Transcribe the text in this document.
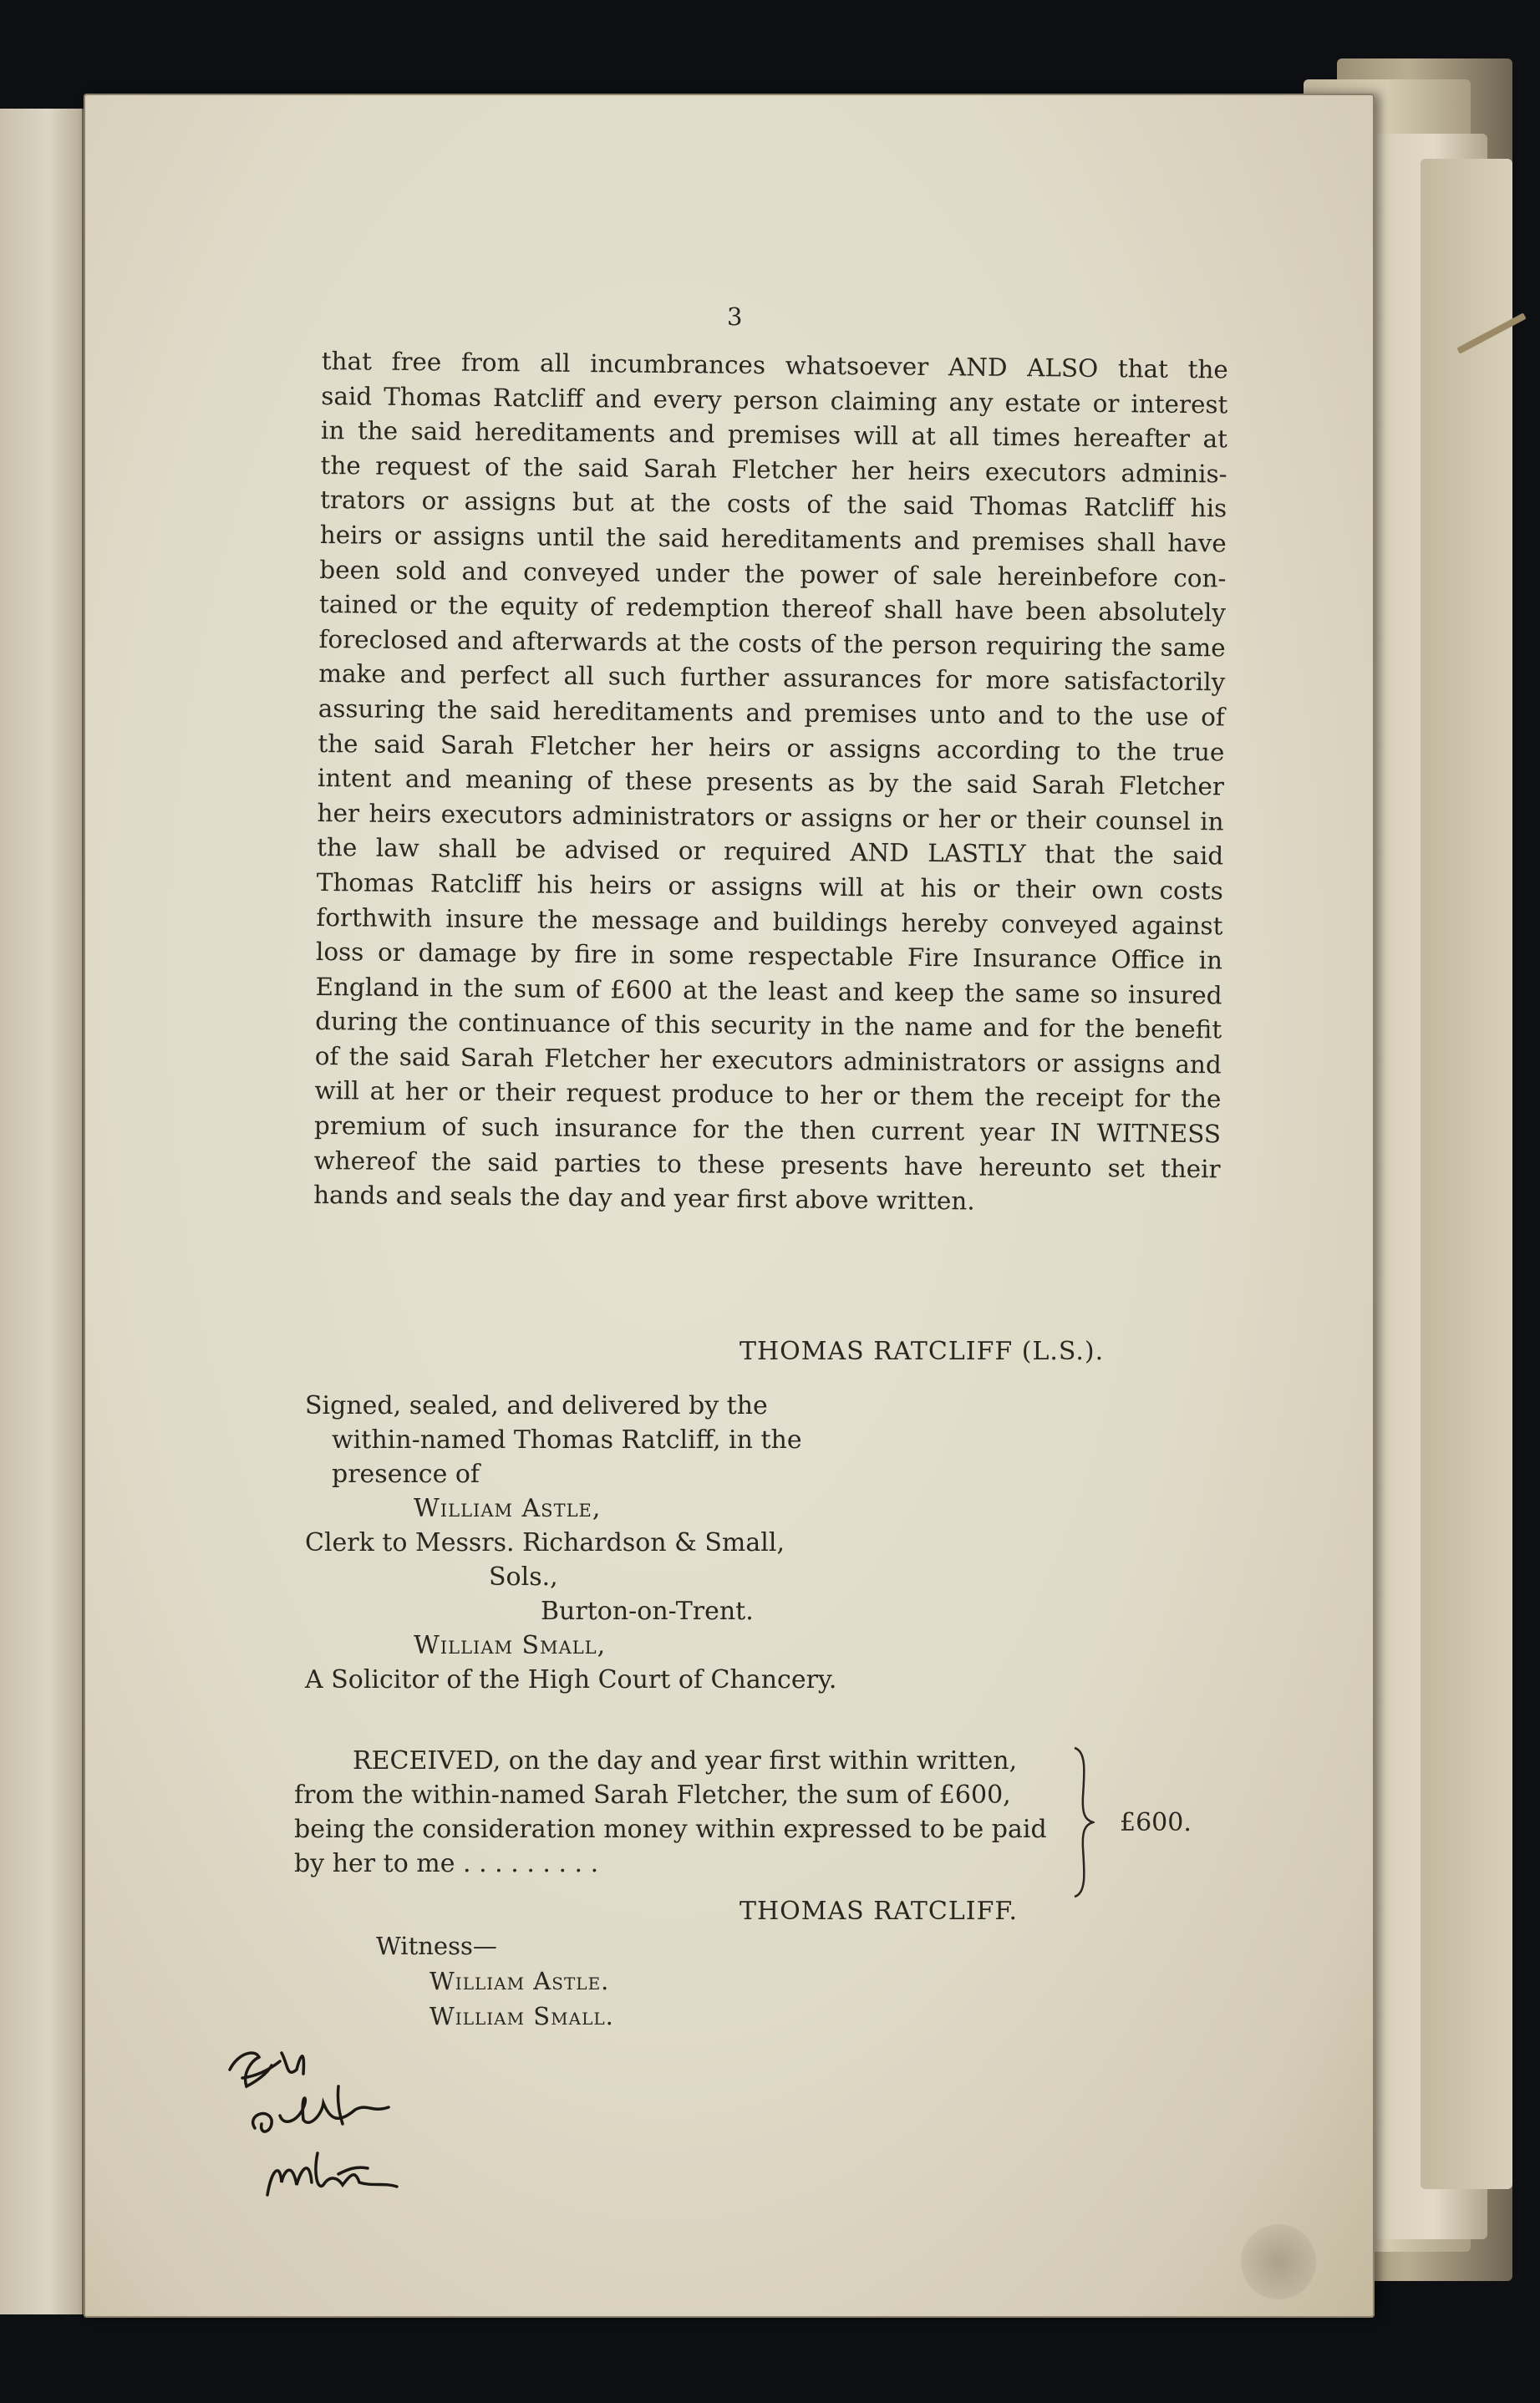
3
that free from all incumbrances whatsoever AND ALSO that the
said Thomas Ratcliff and every person claiming any estate or interest
in the said hereditaments and premises will at all times hereafter at
the request of the said Sarah Fletcher her heirs executors adminis-
trators or assigns but at the costs of the said Thomas Ratcliff his
heirs or assigns until the said hereditaments and premises shall have
been sold and conveyed under the power of sale hereinbefore con-
tained or the equity of redemption thereof shall have been absolutely
foreclosed and afterwards at the costs of the person requiring the same
make and perfect all such further assurances for more satisfactorily
assuring the said hereditaments and premises unto and to the use of
the said Sarah Fletcher her heirs or assigns according to the true
intent and meaning of these presents as by the said Sarah Fletcher
her heirs executors administrators or assigns or her or their counsel in
the law shall be advised or required AND LASTLY that the said
Thomas Ratcliff his heirs or assigns will at his or their own costs
forthwith insure the message and buildings hereby conveyed against
loss or damage by fire in some respectable Fire Insurance Office in
England in the sum of £600 at the least and keep the same so insured
during the continuance of this security in the name and for the benefit
of the said Sarah Fletcher her executors administrators or assigns and
will at her or their request produce to her or them the receipt for the
premium of such insurance for the then current year IN WITNESS
whereof the said parties to these presents have hereunto set their
hands and seals the day and year first above written.
THOMAS RATCLIFF (L.S.).
Signed, sealed, and delivered by the
within-named Thomas Ratcliff, in the
presence of
William Astle,
Clerk to Messrs. Richardson & Small,
Sols.,
Burton-on-Trent.
William Small,
A Solicitor of the High Court of Chancery.
RECEIVED, on the day and year first within written,
from the within-named Sarah Fletcher, the sum of £600,
being the consideration money within expressed to be paid
by her to me . . . . . . . . .
£600.
THOMAS RATCLIFF.
Witness—
William Astle.
William Small.
